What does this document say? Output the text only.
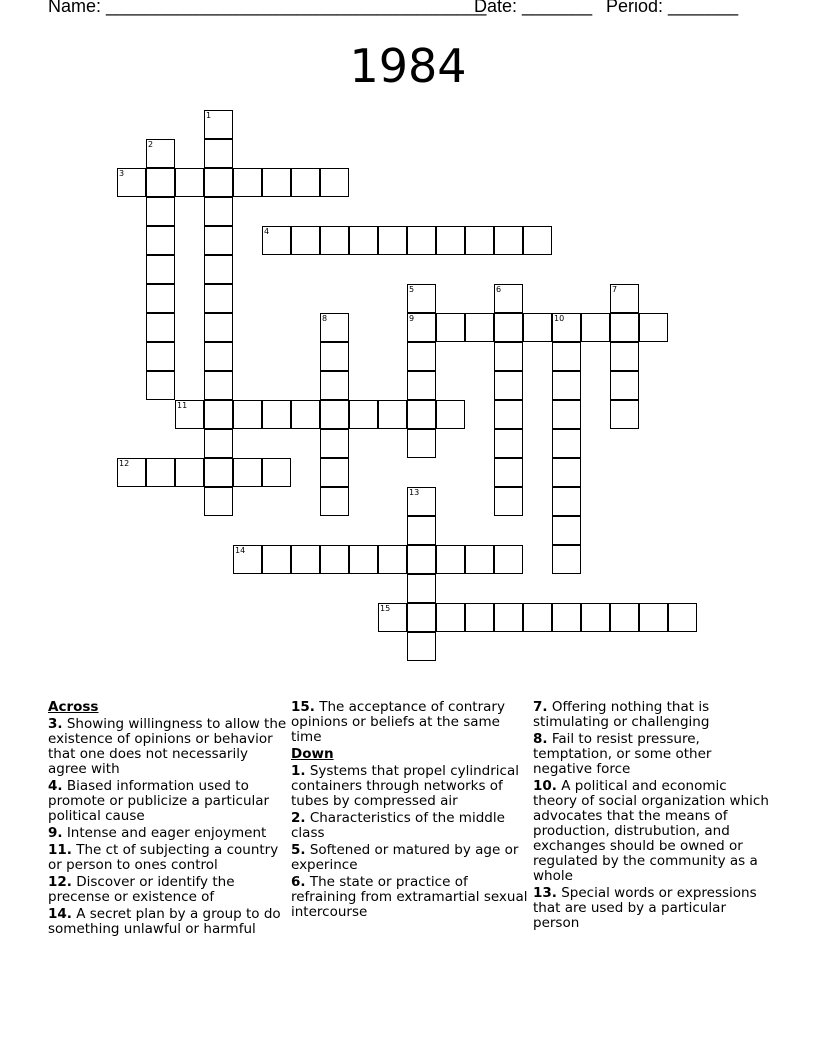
Name: ______________________________________
Date: _______ Period: _______
1984
1
2
3
4
5
9
6	7
8	10
11
12
13
14
15
Across
3. Showing willingness to allow the existence of opinions or behavior that one does not necessarily agree with
4. Biased information used to promote or publicize a particular political cause
9. Intense and eager enjoyment
11. The ct of subjecting a country or person to ones control
12. Discover or identify the precense or existence of
14. A secret plan by a group to do something unlawful or harmful
15. The acceptance of contrary opinions or beliefs at the same time
Down
1. Systems that propel cylindrical containers through networks of tubes by compressed air
2. Characteristics of the middle class
5. Softened or matured by age or experince
6. The state or practice of refraining from extramartial sexual intercourse
7. Offering nothing that is stimulating or challenging
8. Fail to resist pressure, temptation, or some other negative force
10. A political and economic theory of social organization which advocates that the means of production, distrubution, and exchanges should be owned or regulated by the community as a whole
13. Special words or expressions that are used by a particular person
